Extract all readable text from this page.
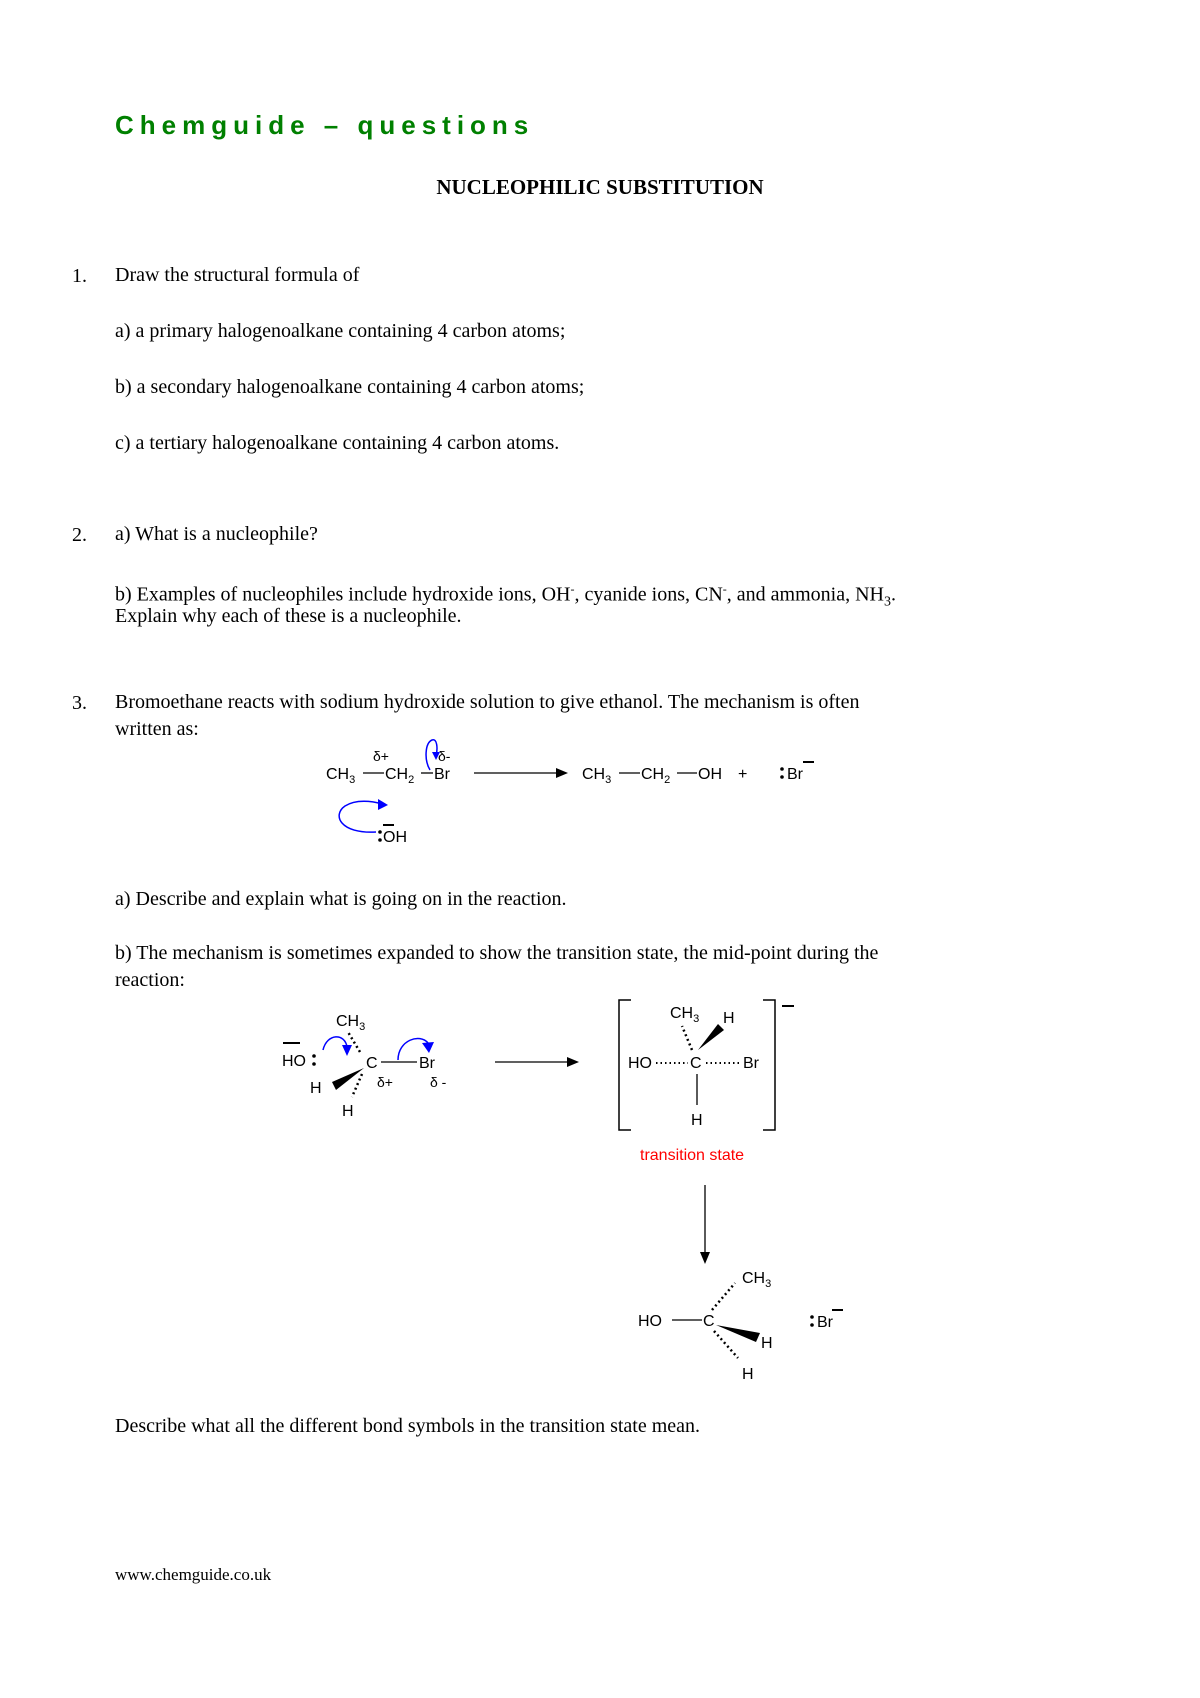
Chemguide – questions
NUCLEOPHILIC SUBSTITUTION
1. Draw the structural formula of
a) a primary halogenoalkane containing 4 carbon atoms;
b) a secondary halogenoalkane containing 4 carbon atoms;
c) a tertiary halogenoalkane containing 4 carbon atoms.
2. a) What is a nucleophile?
b) Examples of nucleophiles include hydroxide ions, OH-, cyanide ions, CN-, and ammonia, $NH_3$.
Explain why each of these is a nucleophile.
3. Bromoethane reacts with sodium hydroxide solution to give ethanol. The mechanism is often
written as:
$CH_3$ $CH_2$ Br
δ+	δ-
$CH_3$ $CH_2$ OH + Br
OH
$CH_3$
HO	C	Br
H
H
δ+	δ -
$CH_3$ H
HO C	Br
H
transition state
$CH_3$
HO	C
H
H
Br
a) Describe and explain what is going on in the reaction.
b) The mechanism is sometimes expanded to show the transition state, the mid-point during the
reaction:
Describe what all the different bond symbols in the transition state mean.
www.chemguide.co.uk
